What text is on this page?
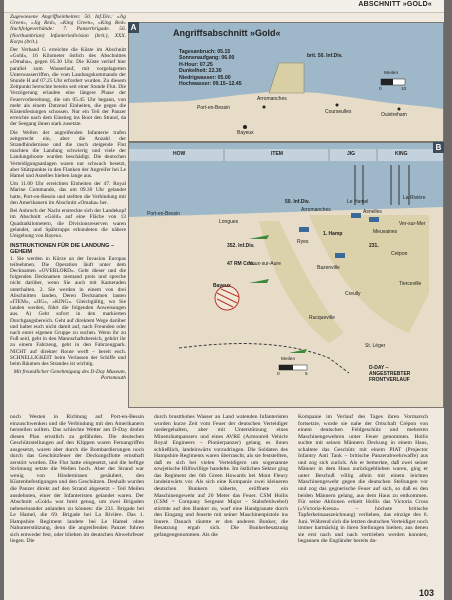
ABSCHNITT »GOLD«

Zugewiesene Angriffseinheiten: 50. Inf.Div.: »Jig Green«, »Jig Red«, »King Green«, »King Red« Nachfolgeverbände: 7. Panzerbrigade. 56. (Northumbrian) Infanteriedivision (brit.), XXX. Korps (brit.).

Der Verband G erreichte die Küste im Abschnitt »Gold«, 16 Kilometer östlich des Abschnittes »Omaha«, gegen 05.30 Uhr. Die Küste verlief hier parallel zum Wasserlauf, mit vorgelagerten Unterwasserriffen, die vom Landungskommando der Stunde H auf 07.25 Uhr erfordert wurden. Zu diesem Zeitpunkt herrschte bereits seit einer Stunde Flut. Die Verzögerung erlaubte eine längere Phase der Feuervorbereitung, die um 05.45 Uhr begann, von mehr als einem Dutzend Einheiten, die gegen die Küstenfestungen schossen. Nur ein Teil der Panzer erreichte nach dem Einstieg ins Boot den Strand, da der Seegang ihnen stark zusetzte.

Die Wellen der angreifenden Infanterie trafen zeitgerecht ein, aber die Anzahl der Strandhindernisse und die rasch steigende Flut machten die Landung schwierig und viele der Landungsboote wurden beschädigt. Die deutschen Verteidigungsanlagen waren nur schwach besetzt, aber Stützpunkte in den Flanken der Angreifer bei Le Hamel und Asnelles hielten lange aus.

Um 11.00 Uhr erreichten Einheiten der 47. Royal Marine Commando, das um 09.30 Uhr gelandet hatte, Port-en-Bessin und stellten die Verbindung mit den Amerikanern im Abschnitt »Omaha« her.

Bei Anbruch der Nacht erstreckte sich der Landekopf im Abschnitt »Gold« auf eine Fläche von 13 Quadratkilometern, die Divisionsreserven waren gelandet, und Spähtrupps erkundeten die nähere Umgebung von Bayeux.

INSTRUKTIONEN FÜR DIE LANDUNG – GEHEIM

1. Sie werden in Kürze an der Invasion Europas teilnehmen. Die Operation läuft unter dem Decknamen »OVERLORD«. Geht dieser und die folgenden Decknamen niemand preis und spreche nicht darüber, wenn Sie auch mit Kameraden unterhalten. 2. Sie werden in einem von drei Abschnitten landen, Deren Decknamen lauten »ITEM«, »JIG«, »KING«. Gleichgültig, wo Sie landen werden, führt die folgenden Anweisungen aus. A) Geht sofort in den markierten Durchgangsbereich. Geht auf direktem Wege darüber und haltet euch nicht damit auf, nach Freunden oder nach eurer eigenen Gruppe zu suchen. Wenn ihr zu Fuß seid, geht in den Mannschaftsbereich, gehört ihr zu einem Fahrzeug, geht in den Fahrzeugpark. NICHT auf direkter Route werft – bereit euch. SCHNELLIGKEIT beim Verlassen der Schiffe und beim Räumen des Strandes ist wichtig.

Mit freundlicher Genehmigung des D-Day Museum, Portsmouth

A
Angriffsabschnitt »Gold«
Tagesanbruch: 05.15
Sonnenaufgang: 06.00
H-Hour: 07.25
Dunkelheit: 22.30
Niedrigwasser: 05.00
Hochwasser: 09.15–12.45
brit. 50. Inf.Div.
Port-en-Bessin
Arromanches
Courseulles
Bayeux
Ouistreham
Meilen
0	10
B
HOW	ITEM	JIG	KING
Port-en-Bessin
Longues
Arromanches
Le Hamel
La Rivière
Asnelles
Ver-sur-Mer
Crépon
Tierceville
Creully
Bayeux
St. Léger
Bazenville
Rucqueville
Vaux-sur-Aure
Ryes
Meuvaines
47 RM Cdo.
50. Inf.Div.
352. Inf.Div.
1. Hamp
231.
Meilen
0	5
D-DAY –
ANGESTREBTER
FRONTVERLAUF

noch Westen in Richtung auf Port-en-Bessin einzuschwenken und die Verbindung mit den Amerikanern herstellen sollten. Das schlechte Wetter am D-Day drohte diesen Plan ernstlich zu gefährden. Die deutschen Geschützstellungen auf den Klippen waren Fernangriffen ausgesetzt, waren aber durch die Bombardierungen noch durch das Geschützfeuer der Deckungsflotte ernsthaft zerstört worden. Die Flut hatte eingesetzt, und die heftige Strömung setzte die Wellen hoch. Aber der Strand war wenig von Hindernissen gesäubert, den Küstenbefestigungen und den Geschützen. Deshalb wurden die Panzer direkt auf den Strand abgesetzt – Teil Meilen ausdehnten, einer der Infanteristen gelandet waren. Der Abschnitt »Gold« war breit genug, um zwei Brigaden nebeneinander anlanden zu können: die 231. Brigade bei Le Hamel, die 69. Brigade bei La Rivière. Das 1. Hampshire Regiment landete bei Le Hamel ohne Nahunterstützung, denn die angreifenden Panzer fuhren sich entweder fest, oder blieben im deutschen Abwehrfeuer liegen. Die

durch brustthohes Wasser an Land watenden Infanteristen wurden kurze Zeit vom Feuer der deutschen Verteidiger niedergehalten, aber mit Unterstützung eines Minenräumpanzers und eines AVRE (Armoured Vehicle Royal Engineers – Pionierpanzer) gelang es ihnen schließlich, landeinwärts vorzudringen. Die Soldaten des Hampshire Regiments waren überrascht, als sie feststellten, daß es sich bei vielen Verteidigern um sogenannte sowjetische Hilfswillige handelte. Im östlichen Sektor ging das Regiment der 6th Green Howards bei Mont Fleury landeinwärts vor. Als sich eine Kompanie zwei kleineren deutschen Bunkern näherte, eröffnete ein Maschinengewehr auf 20 Meter das Feuer. CSM Hollis (CSM = Company Sergeant Major – Stabsfeldwebel) stürmte auf den Bunker zu, warf eine Handgranate durch den Eingang und feuerte mit seiner Maschinenpistole ins Innere. Danach räumte er den anderen Bunker, die Besatzung ergab sich. Die Bunkerbesatzung gefangengenommen. Als die

Kompanie im Verlauf des Tages ihren Vormarsch fortsetzte, wurde sie nahe der Ortschaft Crépon von einem deutschen Feldgeschütz und mehreren Maschinengewehren unter Feuer genommen. Hollis suchte mit seinen Männern Deckung in einem Haus, schaltete das Geschütz mit einem PIAT (Projector Infantry Anti Tank – britische Panzerabwehrwaffe) aus und zog sich zurück. Als er bemerkte, daß zwei seiner Männer in dem Haus zurückgeblieben waren, ging er unter Beschuß völlig allein mit einem leichten Maschinengewehr gegen die deutschen Stellungen vor und zog das gegnerische Feuer auf sich, so daß es den beiden Männern gelang, aus dem Haus zu entkommen. Für seine Aktionen erhielt Hollis das Victoria Cross (»Victoria-Kreuz« – höchste britische Tapferkeitsauszeichnung) verliehen, das einzige des 6. Juni. Während sich die letzten deutschen Verteidiger noch immer hartnäckig in ihren Stellungen hielten, aus denen sie erst nach und nach vertrieben werden konnten, begannen die Engländer bereits da-

103
